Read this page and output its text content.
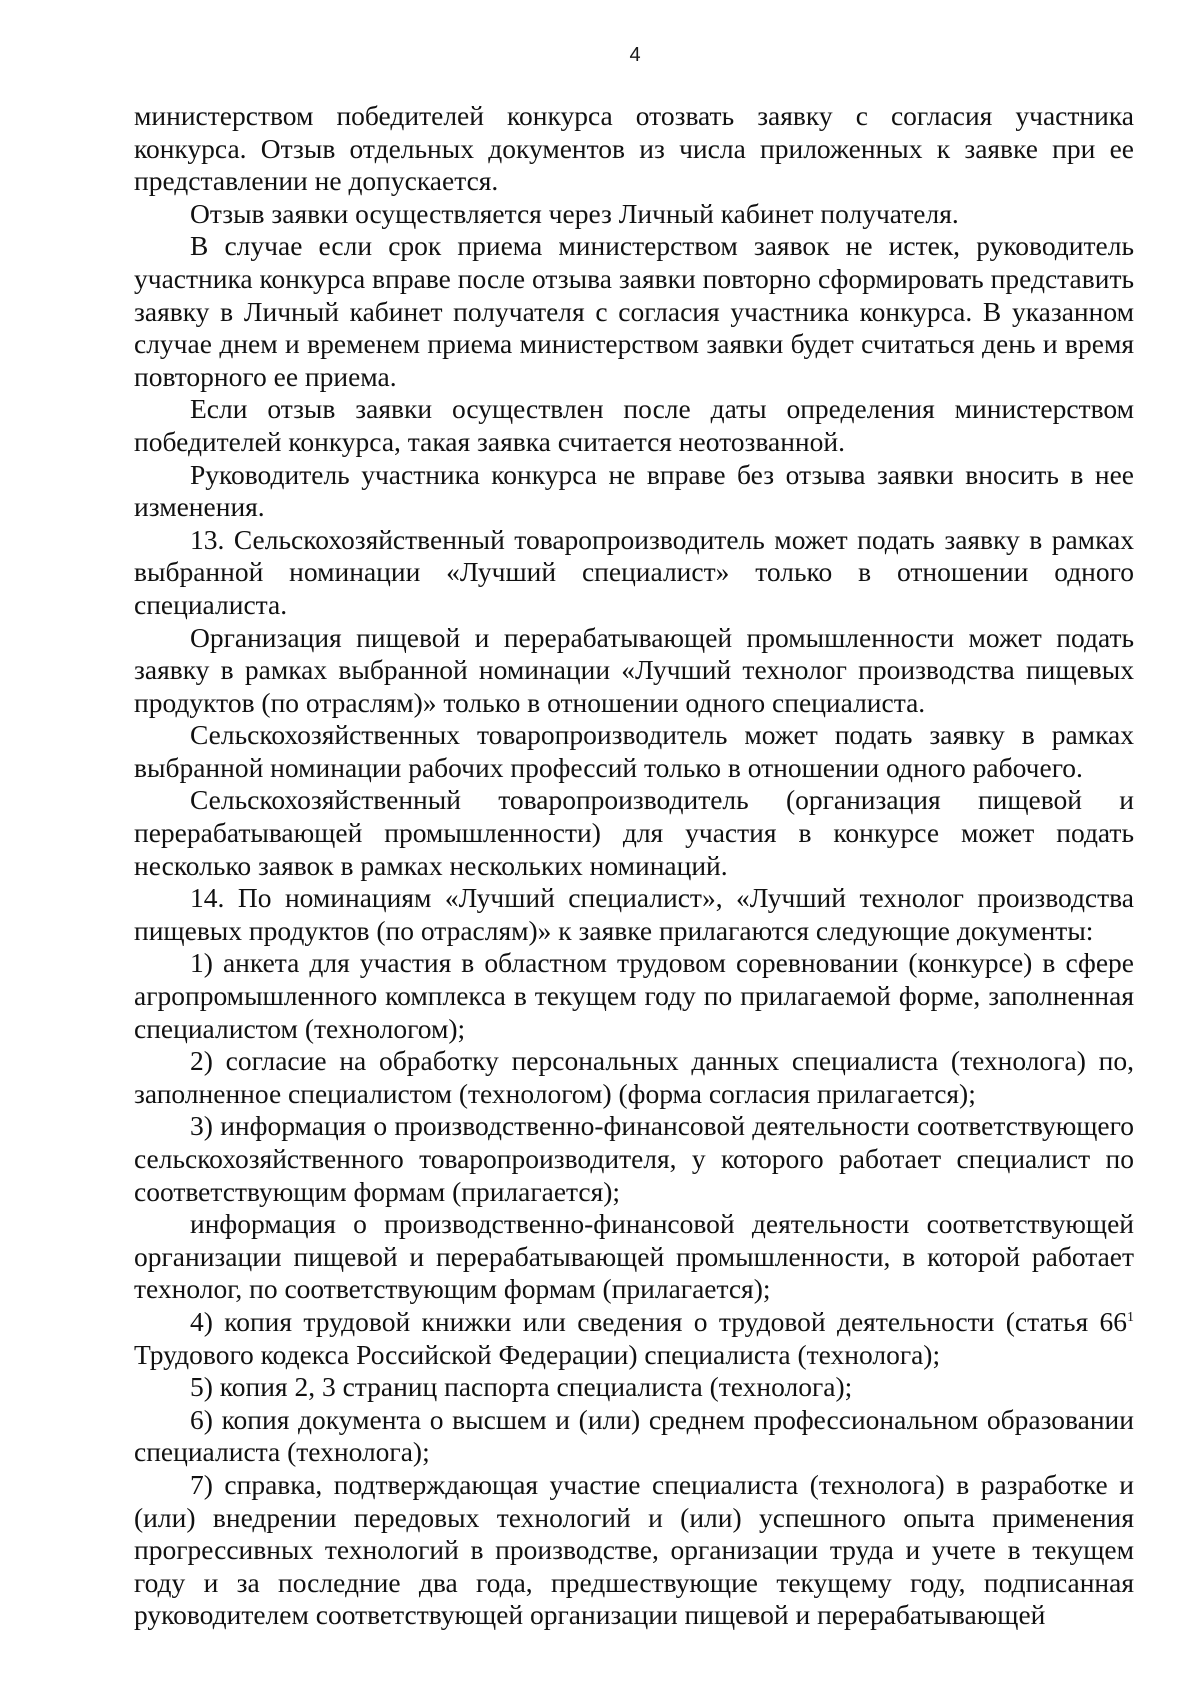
4

министерством победителей конкурса отозвать заявку с согласия участника конкурса. Отзыв отдельных документов из числа приложенных к заявке при ее представлении не допускается.

Отзыв заявки осуществляется через Личный кабинет получателя.

В случае если срок приема министерством заявок не истек, руководитель участника конкурса вправе после отзыва заявки повторно сформировать представить заявку в Личный кабинет получателя с согласия участника конкурса. В указанном случае днем и временем приема министерством заявки будет считаться день и время повторного ее приема.

Если отзыв заявки осуществлен после даты определения министерством победителей конкурса, такая заявка считается неотозванной.

Руководитель участника конкурса не вправе без отзыва заявки вносить в нее изменения.

13. Сельскохозяйственный товаропроизводитель может подать заявку в рамках выбранной номинации «Лучший специалист» только в отношении одного специалиста.

Организация пищевой и перерабатывающей промышленности может подать заявку в рамках выбранной номинации «Лучший технолог производства пищевых продуктов (по отраслям)» только в отношении одного специалиста.

Сельскохозяйственных товаропроизводитель может подать заявку в рамках выбранной номинации рабочих профессий только в отношении одного рабочего.

Сельскохозяйственный товаропроизводитель (организация пищевой и перерабатывающей промышленности) для участия в конкурсе может подать несколько заявок в рамках нескольких номинаций.

14. По номинациям «Лучший специалист», «Лучший технолог производства пищевых продуктов (по отраслям)» к заявке прилагаются следующие документы:

1) анкета для участия в областном трудовом соревновании (конкурсе) в сфере агропромышленного комплекса в текущем году по прилагаемой форме, заполненная специалистом (технологом);

2) согласие на обработку персональных данных специалиста (технолога) по, заполненное специалистом (технологом) (форма согласия прилагается);

3) информация о производственно-финансовой деятельности соответствующего сельскохозяйственного товаропроизводителя, у которого работает специалист по соответствующим формам (прилагается);

информация о производственно-финансовой деятельности соответствующей организации пищевой и перерабатывающей промышленности, в которой работает технолог, по соответствующим формам (прилагается);

4) копия трудовой книжки или сведения о трудовой деятельности (статья $66^1$ Трудового кодекса Российской Федерации) специалиста (технолога);

5) копия 2, 3 страниц паспорта специалиста (технолога);

6) копия документа о высшем и (или) среднем профессиональном образовании специалиста (технолога);

7) справка, подтверждающая участие специалиста (технолога) в разработке и (или) внедрении передовых технологий и (или) успешного опыта применения прогрессивных технологий в производстве, организации труда и учете в текущем году и за последние два года, предшествующие текущему году, подписанная руководителем соответствующей организации пищевой и перерабатывающей
